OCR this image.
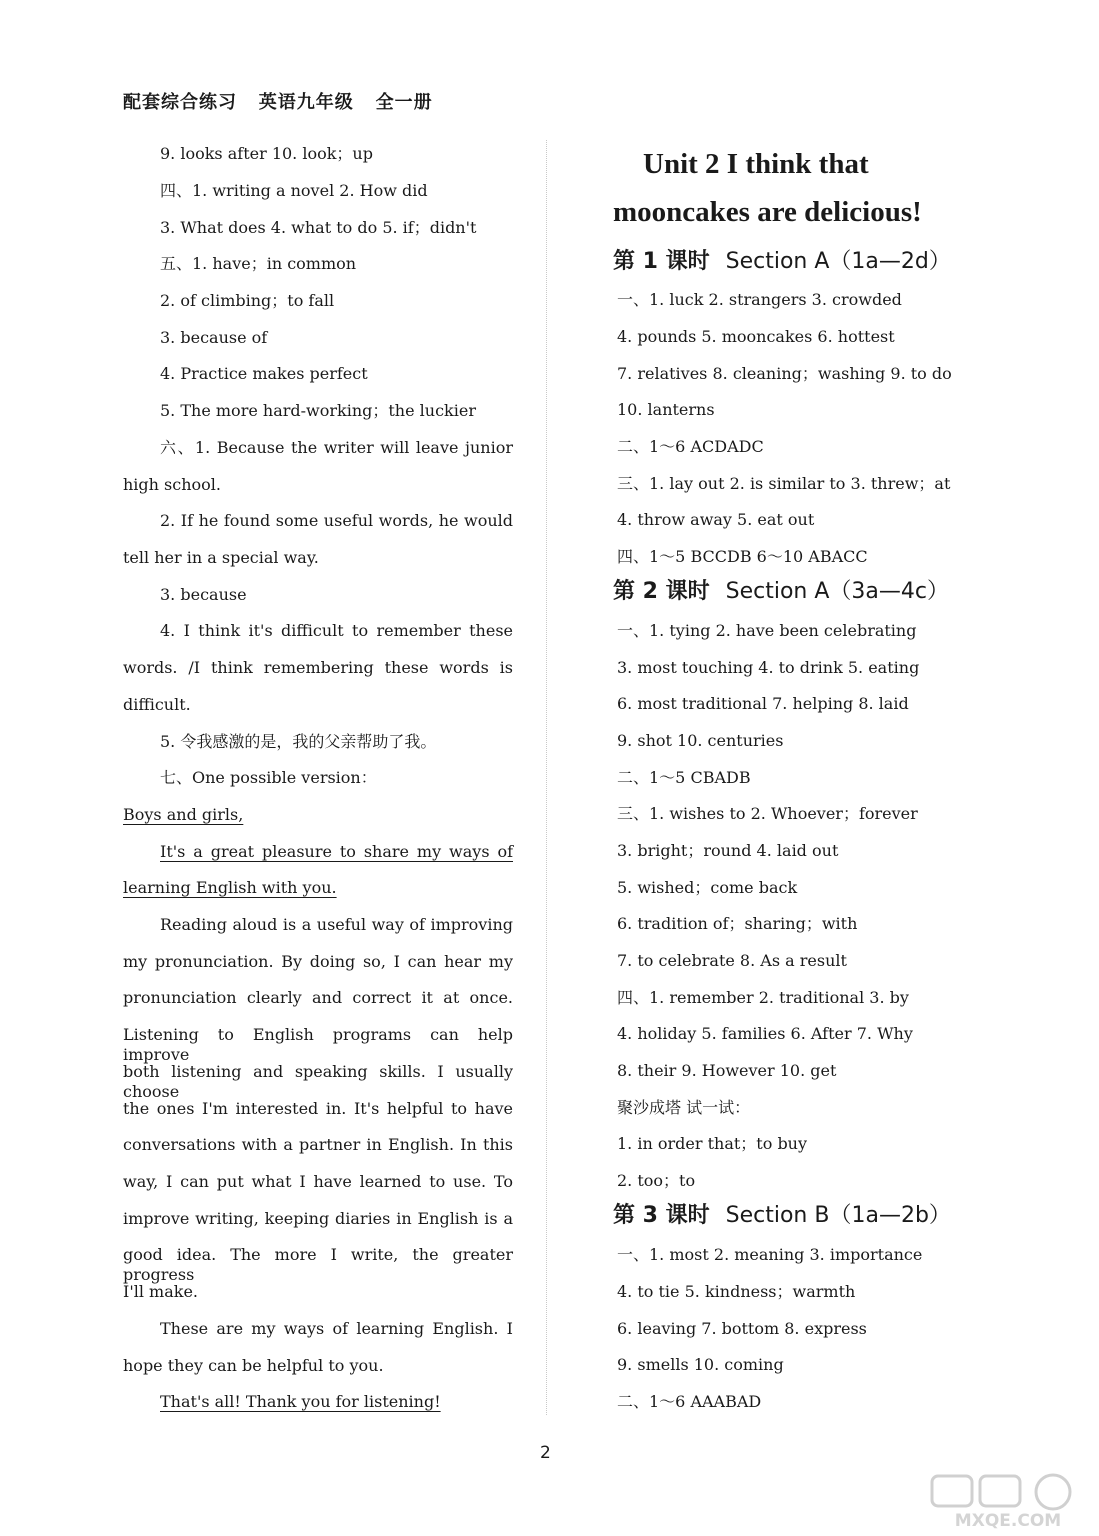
配套综合练习   英语九年级   全一册
9. looks after 10. look；up
四、1. writing a novel 2. How did
3. What does 4. what to do 5. if；didn't
五、1. have；in common
2. of climbing；to fall
3. because of
4. Practice makes perfect
5. The more hard-working；the luckier
六、1. Because the writer will leave junior
high school.
2. If he found some useful words, he would
tell her in a special way.
3. because
4. I think it's difficult to remember these
words. /I think remembering these words is
difficult.
5. 令我感激的是，我的父亲帮助了我。
七、One possible version：
Boys and girls,
It's a great pleasure to share my ways of
learning English with you.
Reading aloud is a useful way of improving
my pronunciation. By doing so, I can hear my
pronunciation clearly and correct it at once.
Listening to English programs can help improve
both listening and speaking skills. I usually choose
the ones I'm interested in. It's helpful to have
conversations with a partner in English. In this
way, I can put what I have learned to use. To
improve writing, keeping diaries in English is a
good idea. The more I write, the greater progress
I'll make.
These are my ways of learning English. I
hope they can be helpful to you.
That's all! Thank you for listening!
Unit 2 I think that
mooncakes are delicious!
第 1 课时 Section A（1a—2d）
一、1. luck 2. strangers 3. crowded
4. pounds 5. mooncakes 6. hottest
7. relatives 8. cleaning；washing 9. to do
10. lanterns
二、1～6 ACDADC
三、1. lay out 2. is similar to 3. threw；at
4. throw away 5. eat out
四、1～5 BCCDB 6～10 ABACC
第 2 课时 Section A（3a—4c）
一、1. tying 2. have been celebrating
3. most touching 4. to drink 5. eating
6. most traditional 7. helping 8. laid
9. shot 10. centuries
二、1～5 CBADB
三、1. wishes to 2. Whoever；forever
3. bright；round 4. laid out
5. wished；come back
6. tradition of；sharing；with
7. to celebrate 8. As a result
四、1. remember 2. traditional 3. by
4. holiday 5. families 6. After 7. Why
8. their 9. However 10. get
聚沙成塔 试一试：
1. in order that；to buy
2. too；to
第 3 课时 Section B（1a—2b）
一、1. most 2. meaning 3. importance
4. to tie 5. kindness；warmth
6. leaving 7. bottom 8. express
9. smells 10. coming
二、1～6 AAABAD
2
MXQE.COM
